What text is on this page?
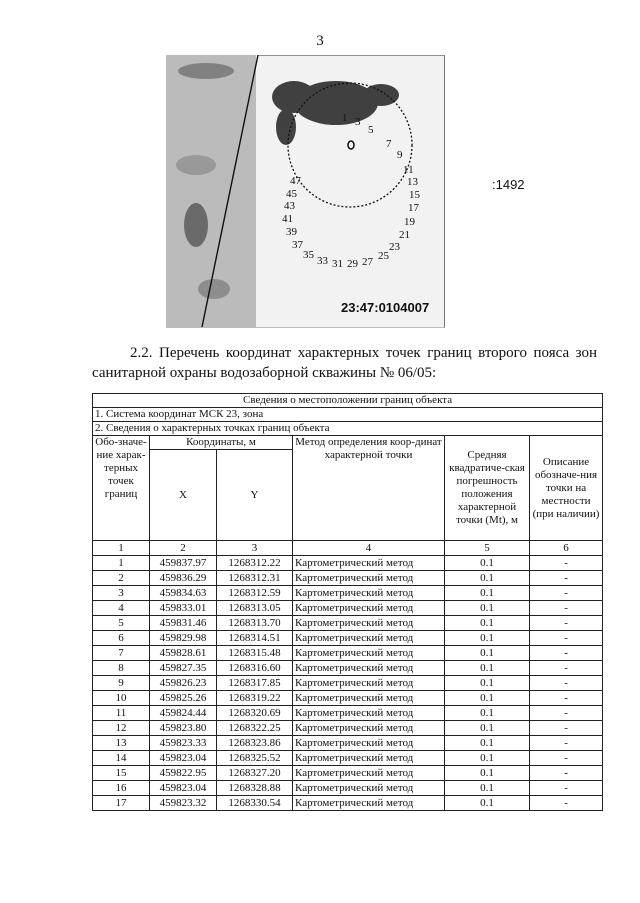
3
1 3
5
7
9
11
13
15
17
19
21
23
25
27
29
31
33
35
37
39
41
43
45
47	:1492
23:47:0104007
2.2. Перечень координат характерных точек границ второго пояса зон санитарной охраны водозаборной скважины № 06/05:
Сведения о местоположении границ объекта					
1. Система координат МСК 23, зона					
2. Сведения о характерных точках границ объекта					
Обо-значе-ние харак-терных точек границ	Координаты, м		Метод определения коор-динат характерной точки	Средняя квадратиче-ская погрешность положения характерной точки (Mt), м	Описание обозначе-ния точки на местности (при наличии)
	X	Y			
1	2	3	4	5	6
1	459837.97	1268312.22	Картометрический метод	0.1	-
2	459836.29	1268312.31	Картометрический метод	0.1	-
3	459834.63	1268312.59	Картометрический метод	0.1	-
4	459833.01	1268313.05	Картометрический метод	0.1	-
5	459831.46	1268313.70	Картометрический метод	0.1	-
6	459829.98	1268314.51	Картометрический метод	0.1	-
7	459828.61	1268315.48	Картометрический метод	0.1	-
8	459827.35	1268316.60	Картометрический метод	0.1	-
9	459826.23	1268317.85	Картометрический метод	0.1	-
10	459825.26	1268319.22	Картометрический метод	0.1	-
11	459824.44	1268320.69	Картометрический метод	0.1	-
12	459823.80	1268322.25	Картометрический метод	0.1	-
13	459823.33	1268323.86	Картометрический метод	0.1	-
14	459823.04	1268325.52	Картометрический метод	0.1	-
15	459822.95	1268327.20	Картометрический метод	0.1	-
16	459823.04	1268328.88	Картометрический метод	0.1	-
17	459823.32	1268330.54	Картометрический метод	0.1	-
